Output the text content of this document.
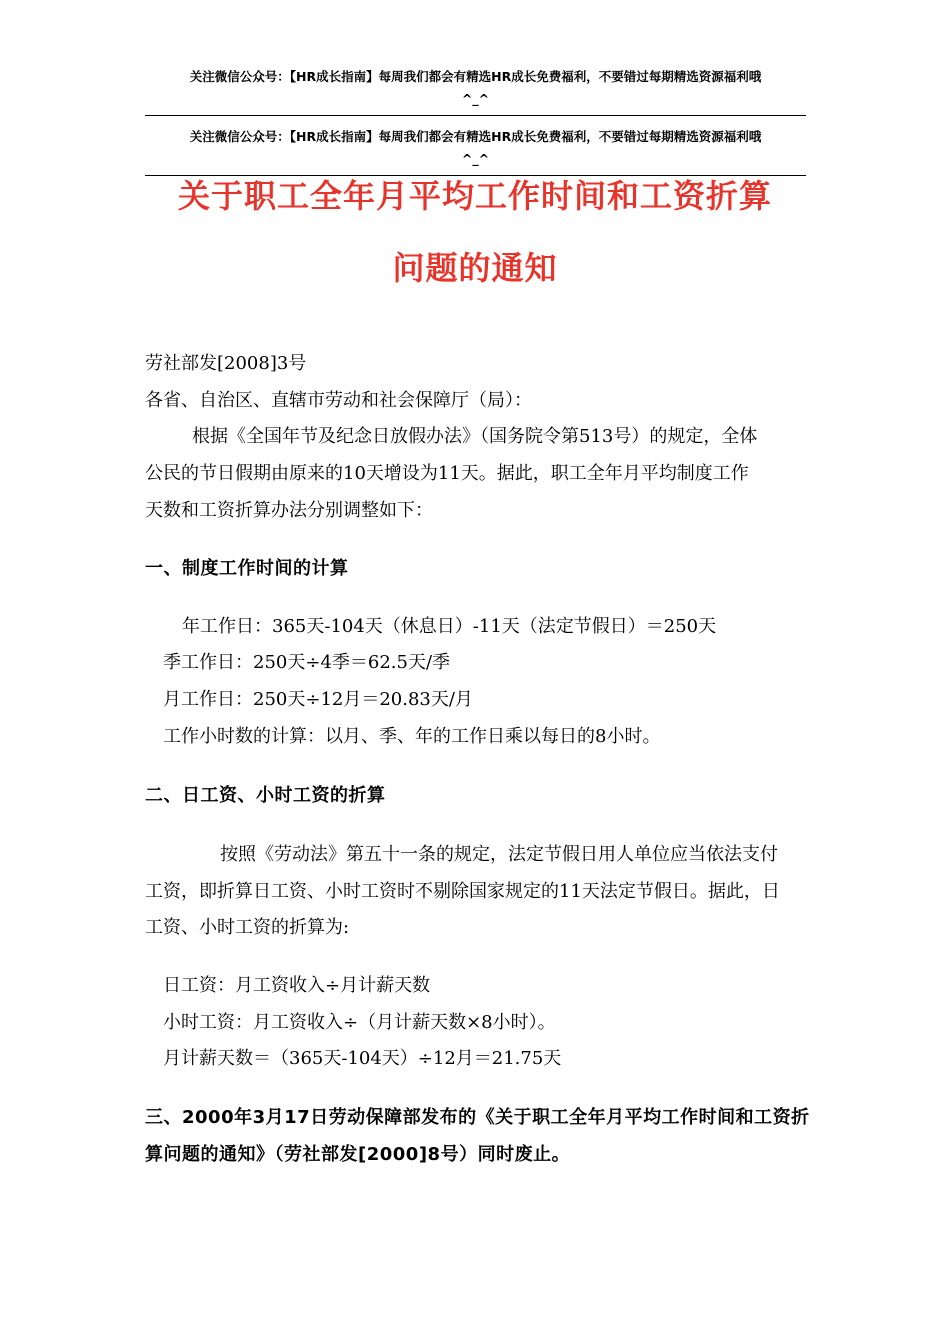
关注微信公众号：【HR成长指南】每周我们都会有精选HR成长免费福利，不要错过每期精选资源福利哦
^_^
关注微信公众号：【HR成长指南】每周我们都会有精选HR成长免费福利，不要错过每期精选资源福利哦
^_^
关于职工全年月平均工作时间和工资折算
问题的通知
劳社部发[2008]3号
各省、自治区、直辖市劳动和社会保障厅（局）：
根据《全国年节及纪念日放假办法》（国务院令第513号）的规定，全体
公民的节日假期由原来的10天增设为11天。据此，职工全年月平均制度工作
天数和工资折算办法分别调整如下：
一、制度工作时间的计算
年工作日：365天-104天（休息日）-11天（法定节假日）＝250天
季工作日：250天÷4季＝62.5天/季
月工作日：250天÷12月＝20.83天/月
工作小时数的计算：以月、季、年的工作日乘以每日的8小时。
二、日工资、小时工资的折算
按照《劳动法》第五十一条的规定，法定节假日用人单位应当依法支付
工资，即折算日工资、小时工资时不剔除国家规定的11天法定节假日。据此，日
工资、小时工资的折算为:
日工资：月工资收入÷月计薪天数
小时工资：月工资收入÷（月计薪天数×8小时）。
月计薪天数＝（365天-104天）÷12月＝21.75天
三、2000年3月17日劳动保障部发布的《关于职工全年月平均工作时间和工资折
算问题的通知》（劳社部发[2000]8号）同时废止。
